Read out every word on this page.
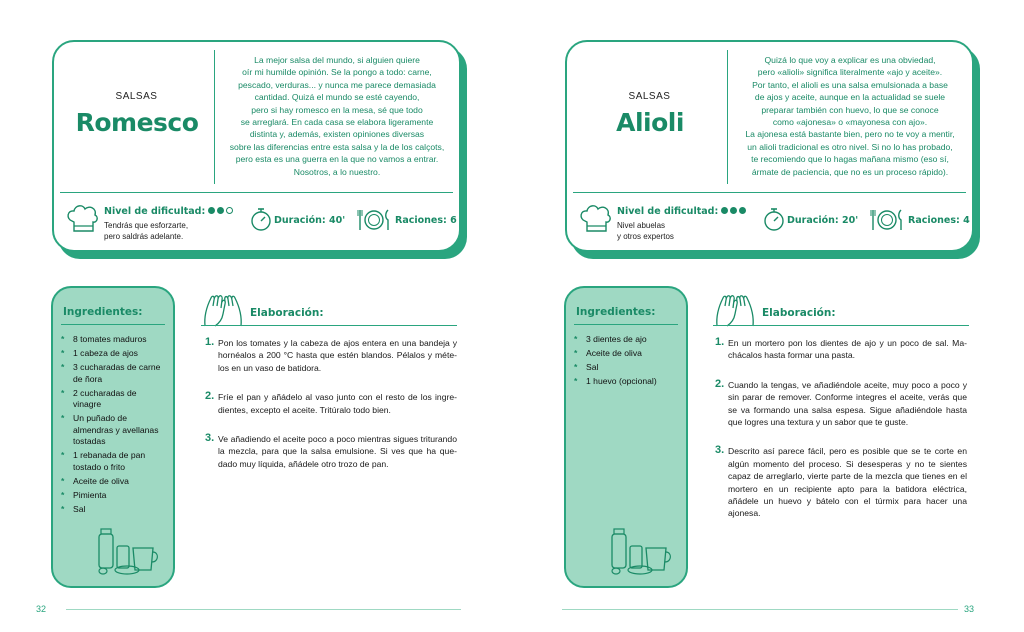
SALSAS
Romesco
La mejor salsa del mundo, si alguien quiere
oír mi humilde opinión. Se la pongo a todo: carne,
pescado, verduras... y nunca me parece demasiada
cantidad. Quizá el mundo se esté cayendo,
pero si hay romesco en la mesa, sé que todo
se arreglará. En cada casa se elabora ligeramente
distinta y, además, existen opiniones diversas
sobre las diferencias entre esta salsa y la de los calçots,
pero esta es una guerra en la que no vamos a entrar.
Nosotros, a lo nuestro.
Nivel de dificultad:
Tendrás que esforzarte,
pero saldrás adelante.
Duración: 40'	Raciones: 6
Ingredientes:
* 8 tomates maduros
* 1 cabeza de ajos
* 3 cucharadas de carne de ñora
* 2 cucharadas de vinagre
* Un puñado de almendras y avellanas tostadas
* 1 rebanada de pan tostado o frito
* Aceite de oliva
* Pimienta
* Sal
Elaboración:
1. Pon los tomates y la cabeza de ajos entera en una bandeja y hornéalos a 200 °C hasta que estén blandos. Pélalos y mételos en un vaso de batidora.
2. Fríe el pan y añádelo al vaso junto con el resto de los ingredientes, excepto el aceite. Tritúralo todo bien.
3. Ve añadiendo el aceite poco a poco mientras sigues triturando la mezcla, para que la salsa emulsione. Si ves que ha quedado muy líquida, añádele otro trozo de pan.
32
SALSAS
Alioli
Quizá lo que voy a explicar es una obviedad,
pero «alioli» significa literalmente «ajo y aceite».
Por tanto, el alioli es una salsa emulsionada a base
de ajos y aceite, aunque en la actualidad se suele
preparar también con huevo, lo que se conoce
como «ajonesa» o «mayonesa con ajo».
La ajonesa está bastante bien, pero no te voy a mentir,
un alioli tradicional es otro nivel. Si no lo has probado,
te recomiendo que lo hagas mañana mismo (eso sí,
ármate de paciencia, que no es un proceso rápido).
Nivel de dificultad:
Nivel abuelas
y otros expertos
Duración: 20'	Raciones: 4
Ingredientes:
* 3 dientes de ajo
* Aceite de oliva
* Sal
* 1 huevo (opcional)
Elaboración:
1. En un mortero pon los dientes de ajo y un poco de sal. Machácalos hasta formar una pasta.
2. Cuando la tengas, ve añadiéndole aceite, muy poco a poco y sin parar de remover. Conforme integres el aceite, verás que se va formando una salsa espesa. Sigue añadiéndole hasta que logres una textura y un sabor que te guste.
3. Descrito así parece fácil, pero es posible que se te corte en algún momento del proceso. Si desesperas y no te sientes capaz de arreglarlo, vierte parte de la mezcla que tienes en el mortero en un recipiente apto para la batidora eléctrica, añádele un huevo y bátelo con el túrmix para hacer una ajonesa.
33
